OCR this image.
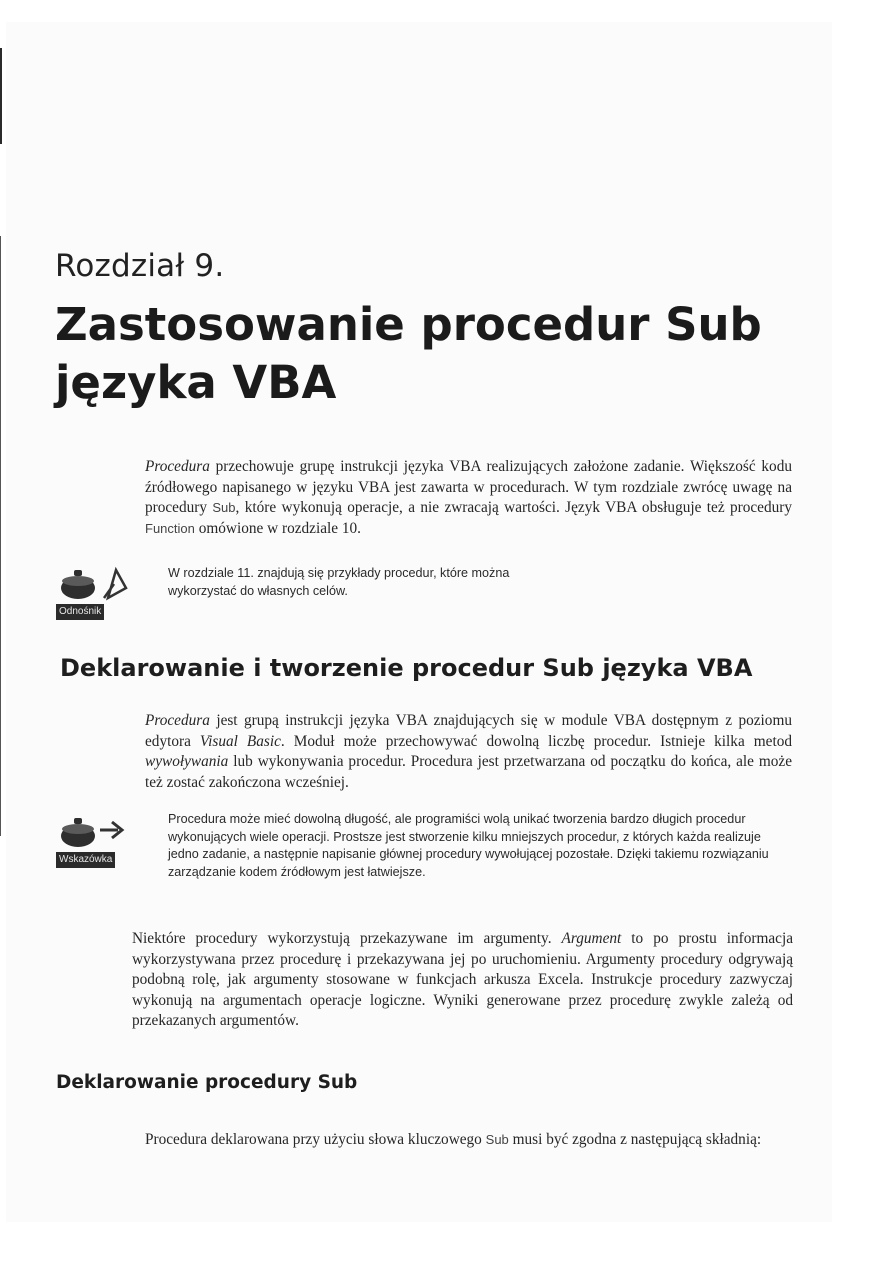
Rozdział 9.
Zastosowanie procedur Sub
języka VBA

Procedura przechowuje grupę instrukcji języka VBA realizujących założone zadanie. Większość kodu źródłowego napisanego w języku VBA jest zawarta w procedurach. W tym rozdziale zwrócę uwagę na procedury Sub, które wykonują operacje, a nie zwracają wartości. Język VBA obsługuje też procedury Function omówione w rozdziale 10.

Odnośnik

W rozdziale 11. znajdują się przykłady procedur, które można wykorzystać do własnych celów.

Deklarowanie i tworzenie procedur Sub języka VBA

Procedura jest grupą instrukcji języka VBA znajdujących się w module VBA dostępnym z poziomu edytora Visual Basic. Moduł może przechowywać dowolną liczbę procedur. Istnieje kilka metod wywoływania lub wykonywania procedur. Procedura jest przetwarzana od początku do końca, ale może też zostać zakończona wcześniej.

Wskazówka

Procedura może mieć dowolną długość, ale programiści wolą unikać tworzenia bardzo długich procedur wykonujących wiele operacji. Prostsze jest stworzenie kilku mniejszych procedur, z których każda realizuje jedno zadanie, a następnie napisanie głównej procedury wywołującej pozostałe. Dzięki takiemu rozwiązaniu zarządzanie kodem źródłowym jest łatwiejsze.

Niektóre procedury wykorzystują przekazywane im argumenty. Argument to po prostu informacja wykorzystywana przez procedurę i przekazywana jej po uruchomieniu. Argumenty procedury odgrywają podobną rolę, jak argumenty stosowane w funkcjach arkusza Excela. Instrukcje procedury zazwyczaj wykonują na argumentach operacje logiczne. Wyniki generowane przez procedurę zwykle zależą od przekazanych argumentów.

Deklarowanie procedury Sub

Procedura deklarowana przy użyciu słowa kluczowego Sub musi być zgodna z następującą składnią:
